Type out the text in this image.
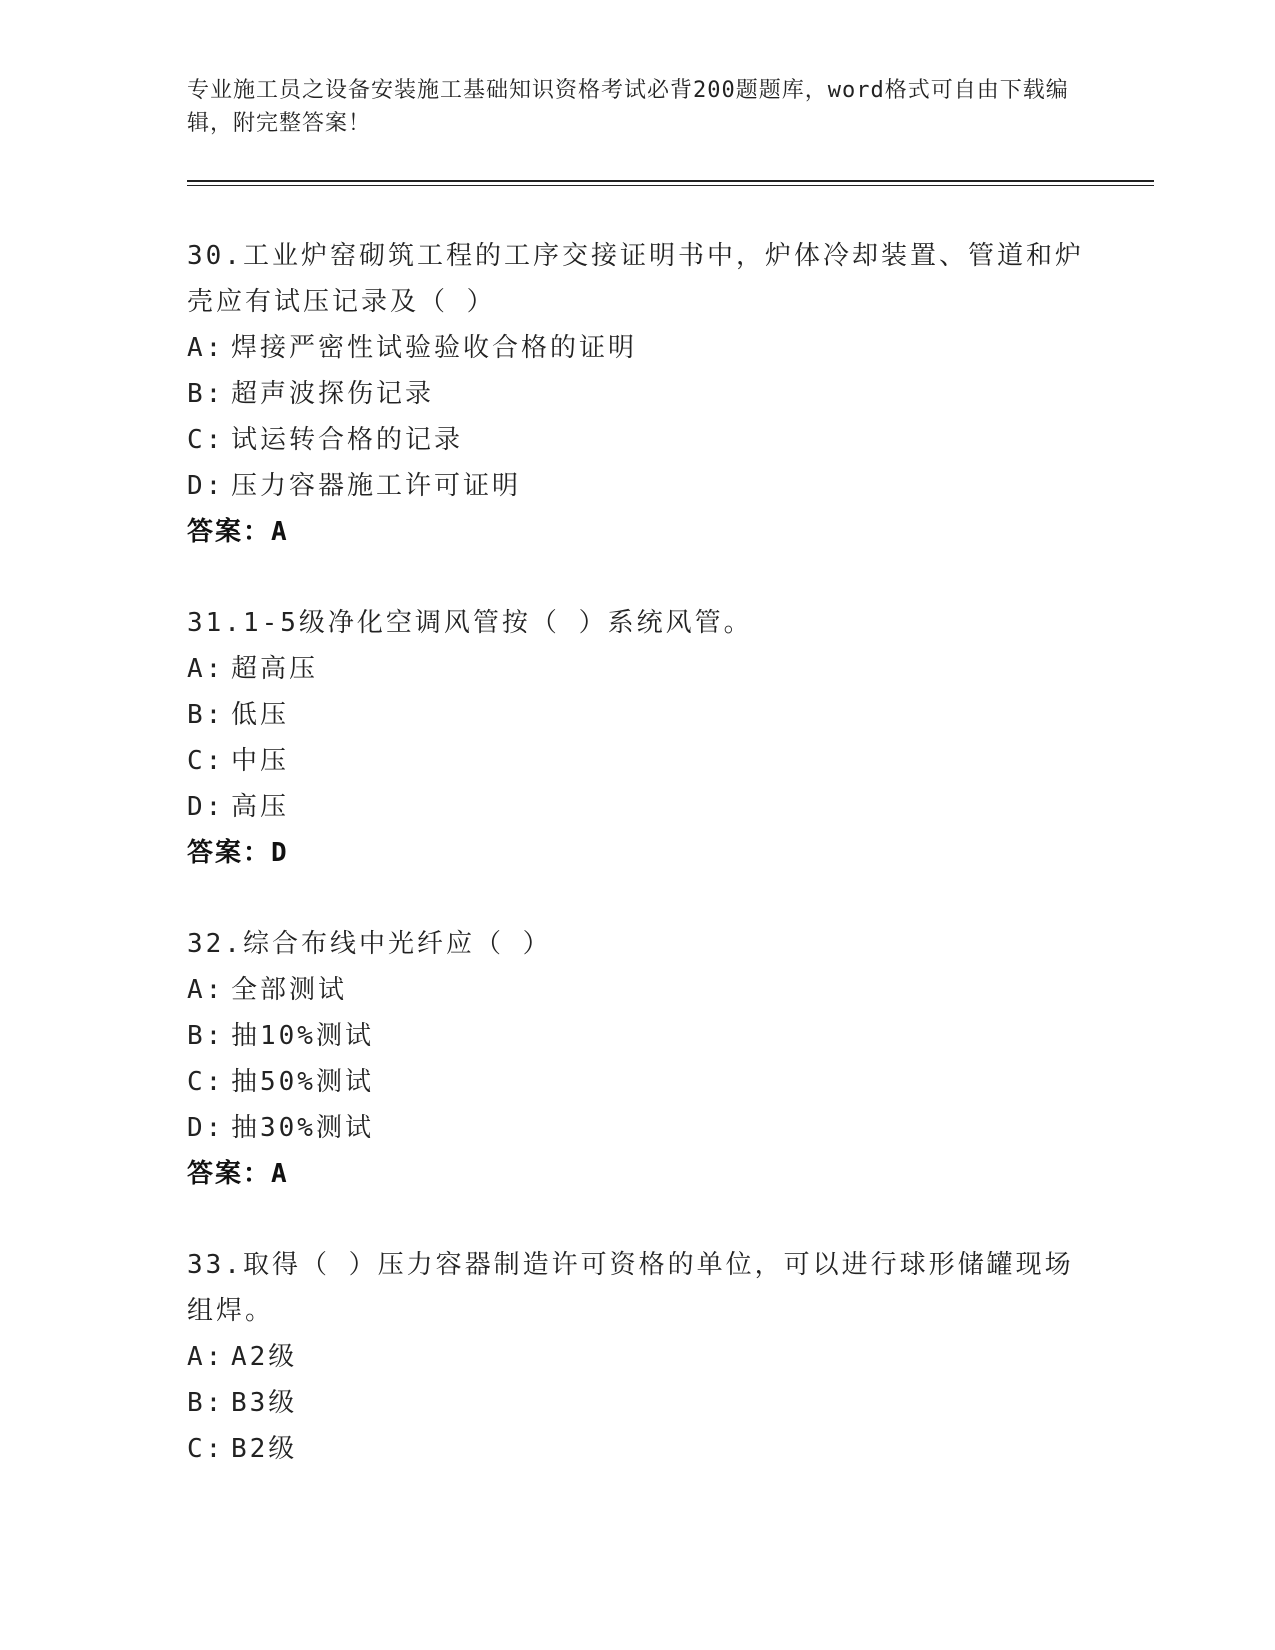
专业施工员之设备安装施工基础知识资格考试必背200题题库，word格式可自由下载编辑，附完整答案！

30.工业炉窑砌筑工程的工序交接证明书中，炉体冷却装置、管道和炉壳应有试压记录及（ ）

A: 焊接严密性试验验收合格的证明

B: 超声波探伤记录

C: 试运转合格的记录

D: 压力容器施工许可证明

答案：A

31.1-5级净化空调风管按（ ）系统风管。

A: 超高压

B: 低压

C: 中压

D: 高压

答案：D

32.综合布线中光纤应（ ）

A: 全部测试

B: 抽10%测试

C: 抽50%测试

D: 抽30%测试

答案：A

33.取得（ ）压力容器制造许可资格的单位，可以进行球形储罐现场组焊。

A: A2级

B: B3级

C: B2级
